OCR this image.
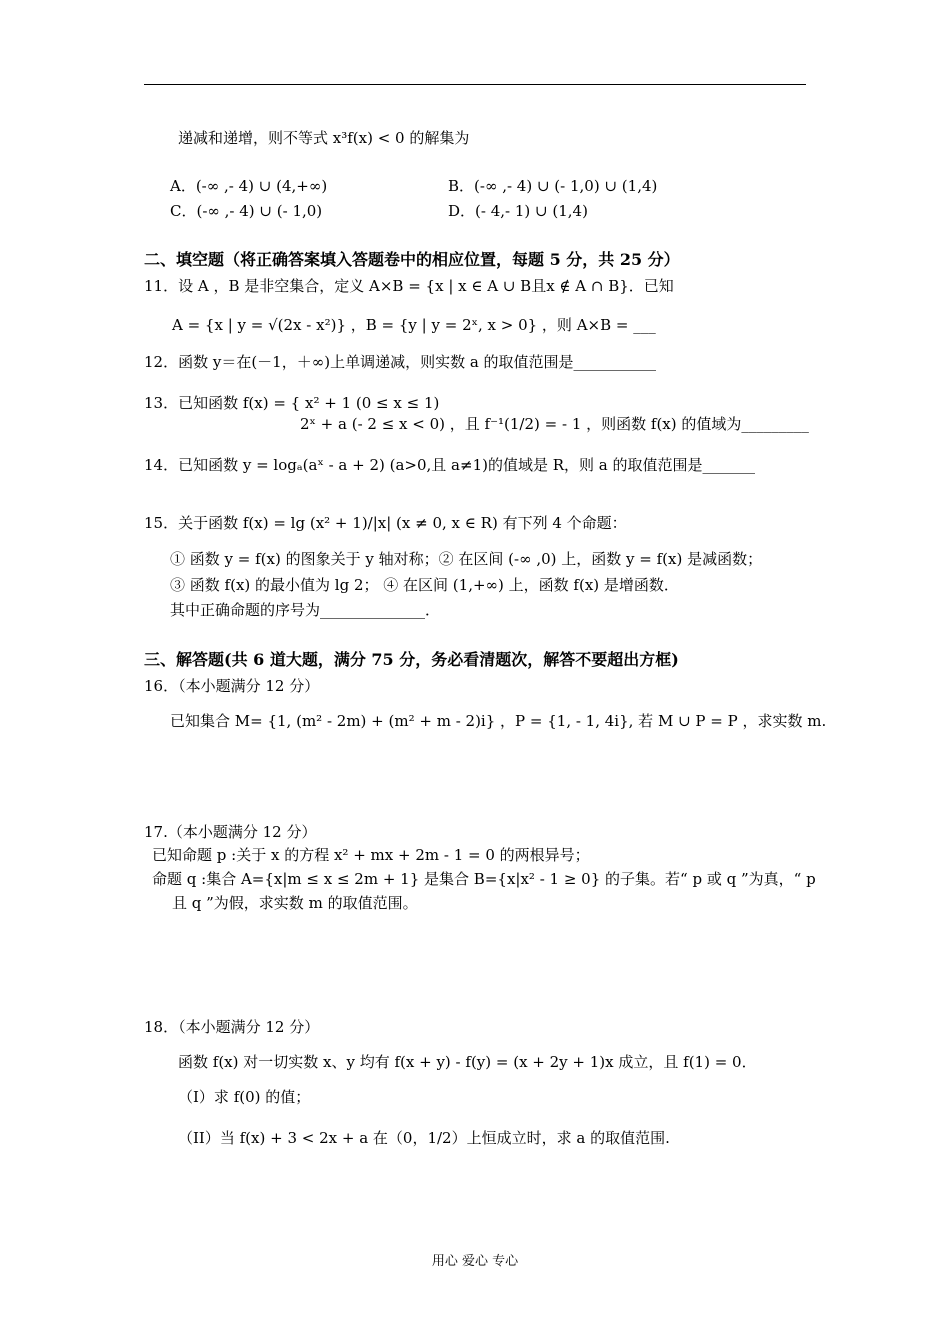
递减和递增，则不等式 x³f(x) < 0 的解集为
A．(-∞ ,- 4) ∪ (4,+∞)	B．(-∞ ,- 4) ∪ (- 1,0) ∪ (1,4)
C．(-∞ ,- 4) ∪ (- 1,0)	D．(- 4,- 1) ∪ (1,4)
二、填空题（将正确答案填入答题卷中的相应位置，每题 5 分，共 25 分）
11．设 A ，B 是非空集合，定义 A×B = {x | x ∈ A ∪ B且x ∉ A ∩ B}．已知
A = {x | y = √(2x - x²)} ，B = {y | y = 2ˣ, x > 0} ，则 A×B = ___
12．函数 y＝在(－1，＋∞)上单调递减，则实数 a 的取值范围是___________
13．已知函数 f(x) = { x² + 1 (0 ≤ x ≤ 1)
2ˣ + a (- 2 ≤ x < 0) ，且 f⁻¹(1/2) = - 1 ，则函数 f(x) 的值域为_________
14．已知函数 y = logₐ(aˣ - a + 2) (a>0,且 a≠1)的值域是 R，则 a 的取值范围是_______
15．关于函数 f(x) = lg (x² + 1)/|x| (x ≠ 0, x ∈ R) 有下列 4 个命题：
① 函数 y = f(x) 的图象关于 y 轴对称；② 在区间 (-∞ ,0) 上，函数 y = f(x) 是减函数；
③ 函数 f(x) 的最小值为 lg 2； ④ 在区间 (1,+∞) 上，函数 f(x) 是增函数．
其中正确命题的序号为______________．
三、解答题(共 6 道大题，满分 75 分，务必看清题次，解答不要超出方框)
16．（本小题满分 12 分）
已知集合 M= {1, (m² - 2m) + (m² + m - 2)i} ，P = {1, - 1, 4i}, 若 M ∪ P = P ，求实数 m.
17.（本小题满分 12 分）
已知命题 p :关于 x 的方程 x² + mx + 2m - 1 = 0 的两根异号；
命题 q :集合 A={x|m ≤ x ≤ 2m + 1} 是集合 B={x|x² - 1 ≥ 0} 的子集。若“ p 或 q ”为真，“ p
且 q ”为假，求实数 m 的取值范围。
18．（本小题满分 12 分）
函数 f(x) 对一切实数 x、y 均有 f(x + y) - f(y) = (x + 2y + 1)x 成立，且 f(1) = 0．
（I）求 f(0) 的值；
（II）当 f(x) + 3 < 2x + a 在（0，1/2）上恒成立时，求 a 的取值范围.
用心 爱心 专心
